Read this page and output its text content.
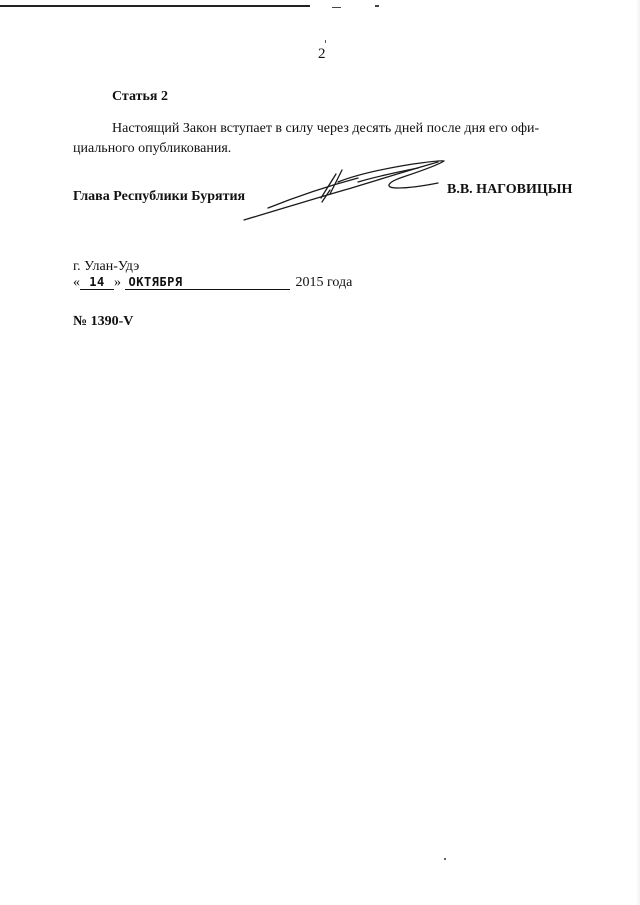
2
Статья 2
Настоящий Закон вступает в силу через десять дней после дня его офи-
циального опубликования.
Глава Республики Бурятия	В.В. НАГОВИЦЫН
г. Улан-Удэ
« 14 » ОКТЯБРЯ	2015 года
№ 1390-V
